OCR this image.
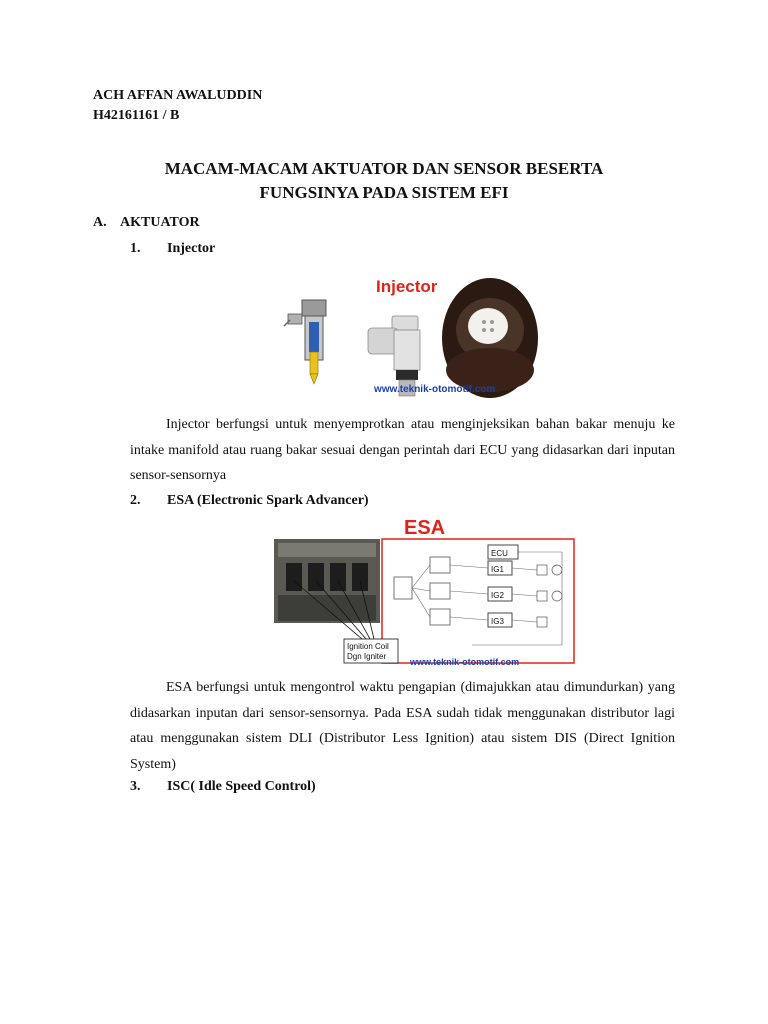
ACH AFFAN AWALUDDIN
H42161161 / B
MACAM-MACAM AKTUATOR DAN SENSOR BESERTA
FUNGSINYA PADA SISTEM EFI
A. AKTUATOR
1. Injector
Injector
www.teknik-otomotif.com
Injector berfungsi untuk menyemprotkan atau menginjeksikan bahan bakar menuju ke intake manifold atau ruang bakar sesuai dengan perintah dari ECU yang didasarkan dari inputan sensor-sensornya
2. ESA (Electronic Spark Advancer)
Ignition Coil
Dgn Igniter
ECU
IG1
IG2
IG3
ESA
www.teknik-otomotif.com
ESA berfungsi untuk mengontrol waktu pengapian (dimajukkan atau dimundurkan) yang didasarkan inputan dari sensor-sensornya. Pada ESA sudah tidak menggunakan distributor lagi atau menggunakan sistem DLI (Distributor Less Ignition) atau sistem DIS (Direct Ignition System)
3. ISC( Idle Speed Control)
